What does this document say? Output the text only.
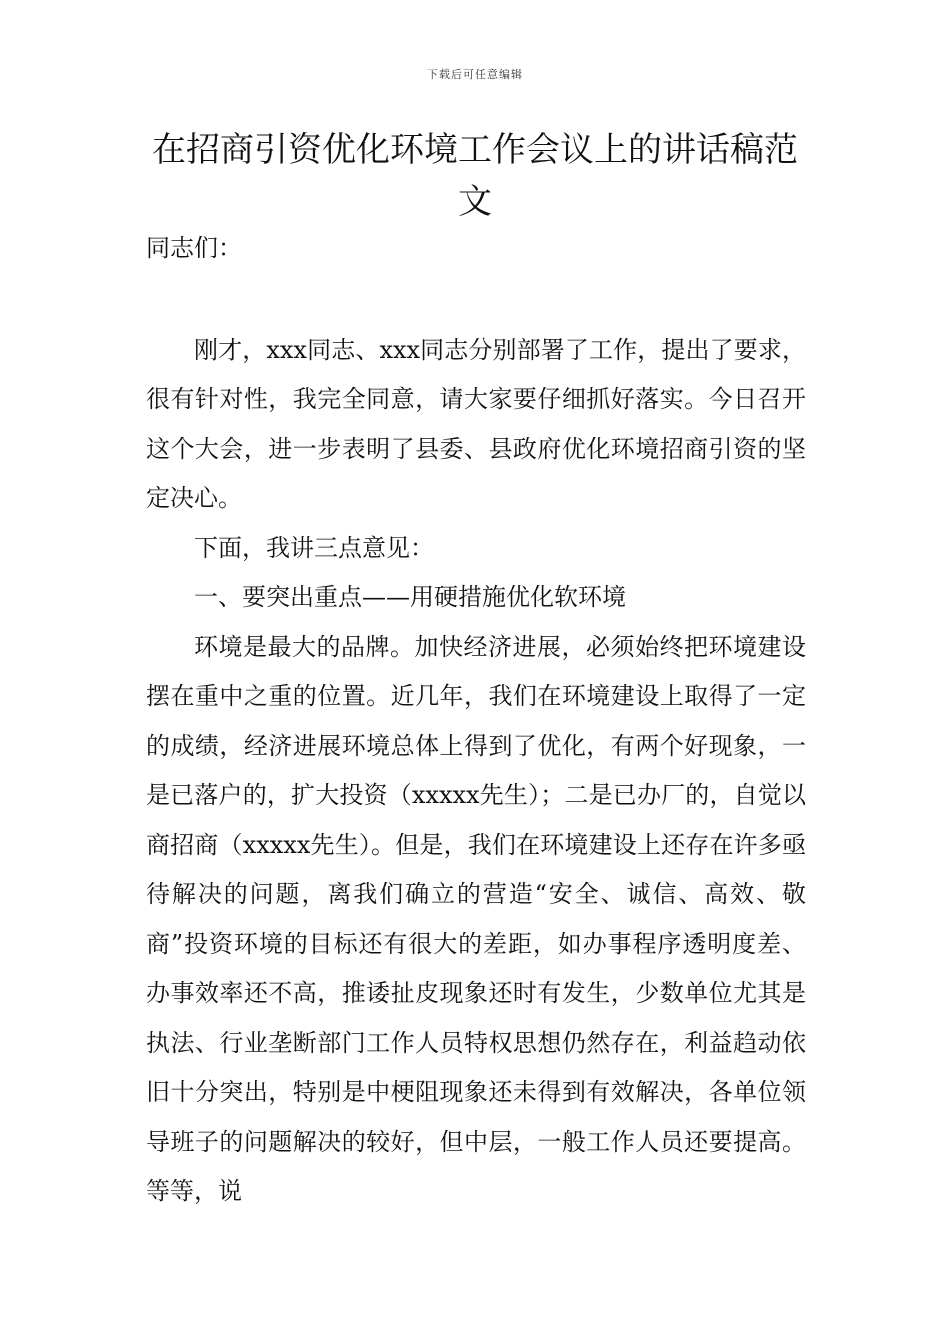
下载后可任意编辑
在招商引资优化环境工作会议上的讲话稿范文

同志们：

刚才，xxx同志、xxx同志分别部署了工作，提出了要求，很有针对性，我完全同意，请大家要仔细抓好落实。今日召开这个大会，进一步表明了县委、县政府优化环境招商引资的坚定决心。

下面，我讲三点意见：

一、要突出重点——用硬措施优化软环境

环境是最大的品牌。加快经济进展，必须始终把环境建设摆在重中之重的位置。近几年，我们在环境建设上取得了一定的成绩，经济进展环境总体上得到了优化，有两个好现象，一是已落户的，扩大投资（xxxxx先生）；二是已办厂的，自觉以商招商（xxxxx先生）。但是，我们在环境建设上还存在许多亟待解决的问题，离我们确立的营造“安全、诚信、高效、敬商”投资环境的目标还有很大的差距，如办事程序透明度差、办事效率还不高，推诿扯皮现象还时有发生，少数单位尤其是执法、行业垄断部门工作人员特权思想仍然存在，利益趋动依旧十分突出，特别是中梗阻现象还未得到有效解决，各单位领导班子的问题解决的较好，但中层，一般工作人员还要提高。等等，说
